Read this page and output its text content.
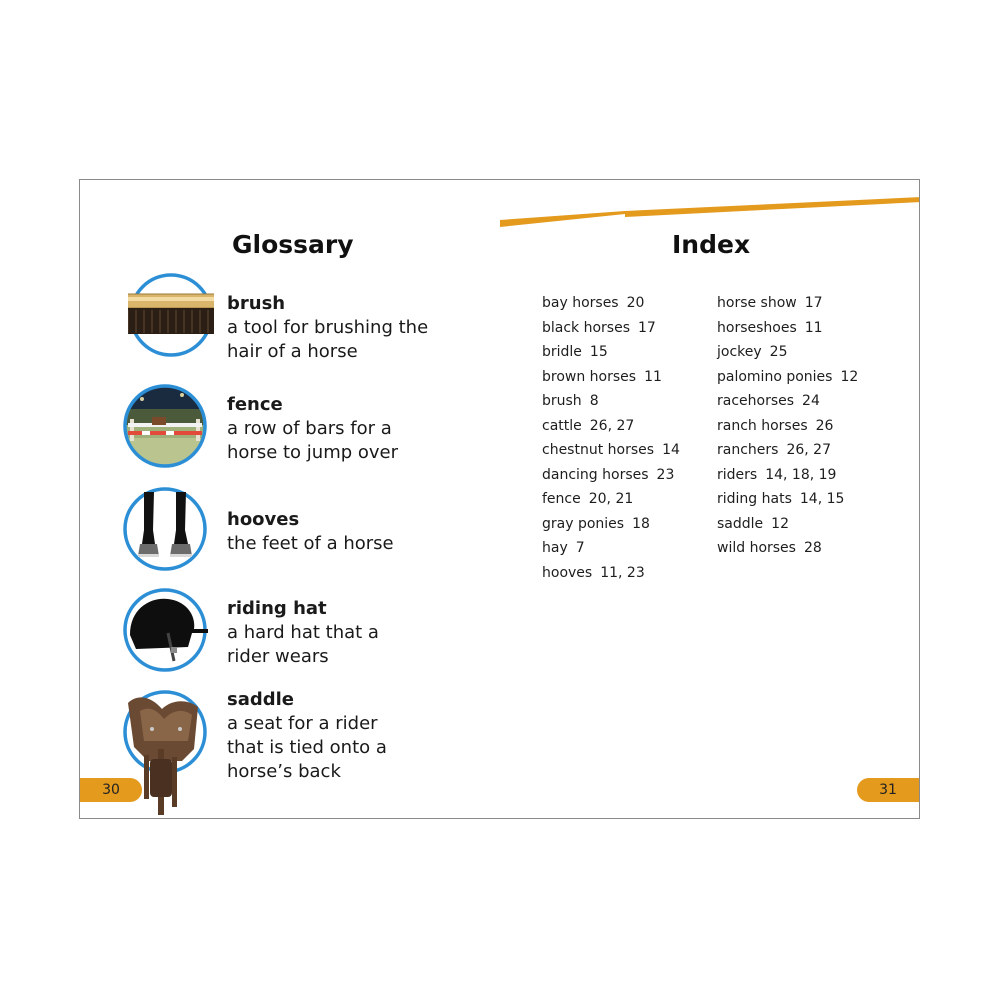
Glossary	Index
brush
a tool for brushing the hair of a horse
fence
a row of bars for a horse to jump over
hooves
the feet of a horse
riding hat
a hard hat that a rider wears
saddle
a seat for a rider that is tied onto a horse’s back
bay horses 20
black horses 17
bridle 15
brown horses 11
brush 8
cattle 26, 27
chestnut horses 14
dancing horses 23
fence 20, 21
gray ponies 18
hay 7
hooves 11, 23
horse show 17
horseshoes 11
jockey 25
palomino ponies 12
racehorses 24
ranch horses 26
ranchers 26, 27
riders 14, 18, 19
riding hats 14, 15
saddle 12
wild horses 28
30	31
